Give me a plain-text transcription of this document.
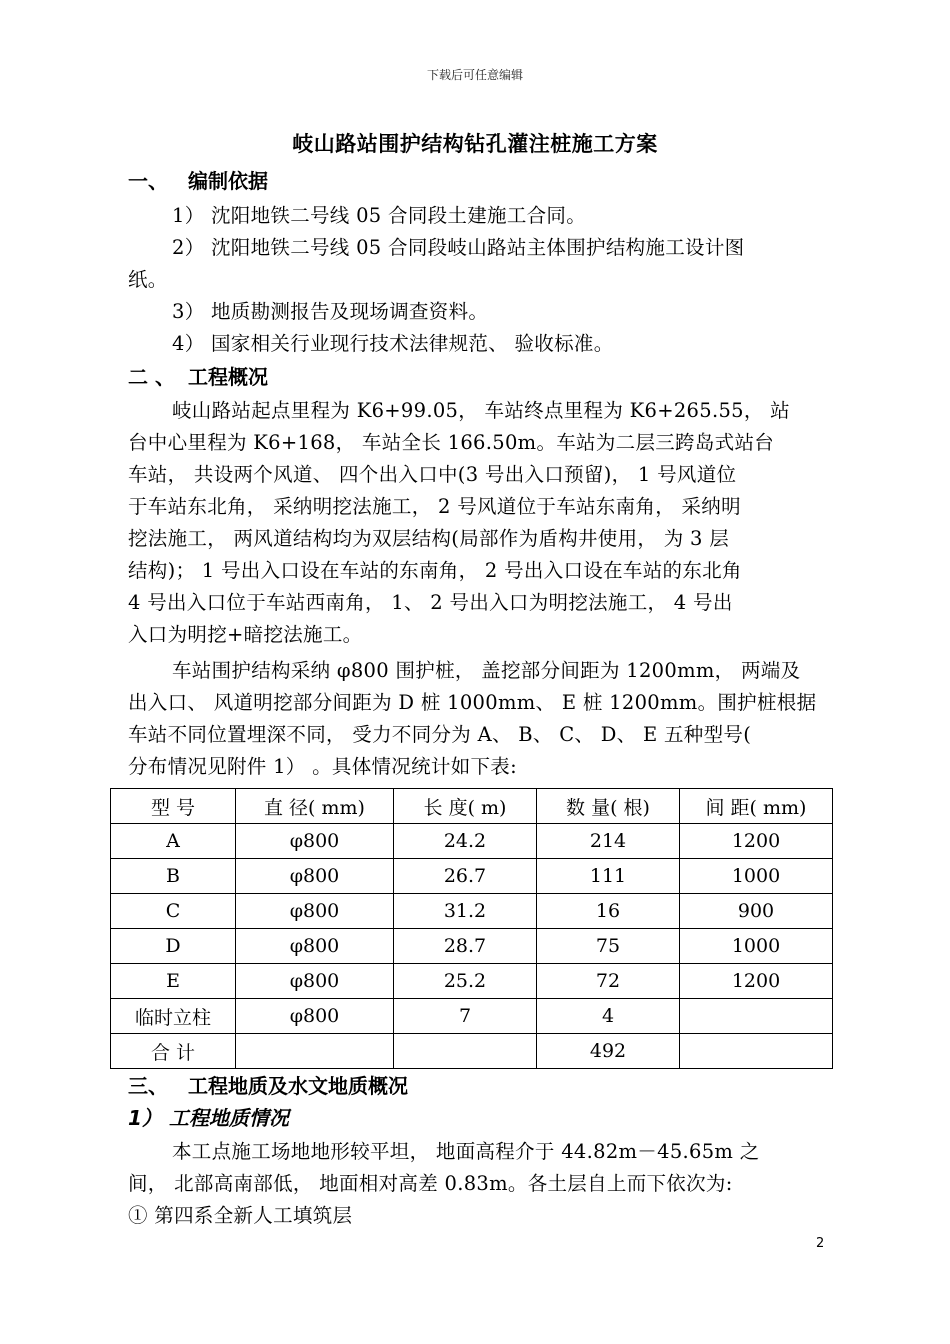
下载后可任意编辑
岐山路站围护结构钻孔灌注桩施工方案
一、 编制依据
1） 沈阳地铁二号线 05 合同段土建施工合同。
2） 沈阳地铁二号线 05 合同段岐山路站主体围护结构施工设计图
纸。
3） 地质勘测报告及现场调查资料。
4） 国家相关行业现行技术法律规范、 验收标准。
二 、 工程概况
岐山路站起点里程为 K6+99.05， 车站终点里程为 K6+265.55， 站
台中心里程为 K6+168， 车站全长 166.50m。车站为二层三跨岛式站台
车站， 共设两个风道、 四个出入口中(3 号出入口预留)， 1 号风道位
于车站东北角， 采纳明挖法施工， 2 号风道位于车站东南角， 采纳明
挖法施工， 两风道结构均为双层结构(局部作为盾构井使用， 为 3 层
结构)； 1 号出入口设在车站的东南角， 2 号出入口设在车站的东北角
4 号出入口位于车站西南角， 1、 2 号出入口为明挖法施工， 4 号出
入口为明挖+暗挖法施工。
车站围护结构采纳 φ800 围护桩， 盖挖部分间距为 1200mm， 两端及
出入口、 风道明挖部分间距为 D 桩 1000mm、 E 桩 1200mm。围护桩根据
车站不同位置埋深不同， 受力不同分为 A、 B、 C、 D、 E 五种型号(
分布情况见附件 1） 。具体情况统计如下表:
型 号	直 径( mm)	长 度( m)	数 量( 根)	间 距( mm)
A	φ800	24.2	214	1200
B	φ800	26.7	111	1000
C	φ800	31.2	16	900
D	φ800	28.7	75	1000
E	φ800	25.2	72	1200
临时立柱	φ800	7	4	
合 计			492	
三、 工程地质及水文地质概况
1） 工程地质情况
本工点施工场地地形较平坦， 地面高程介于 44.82m－45.65m 之
间， 北部高南部低， 地面相对高差 0.83m。各土层自上而下依次为:
① 第四系全新人工填筑层
2
